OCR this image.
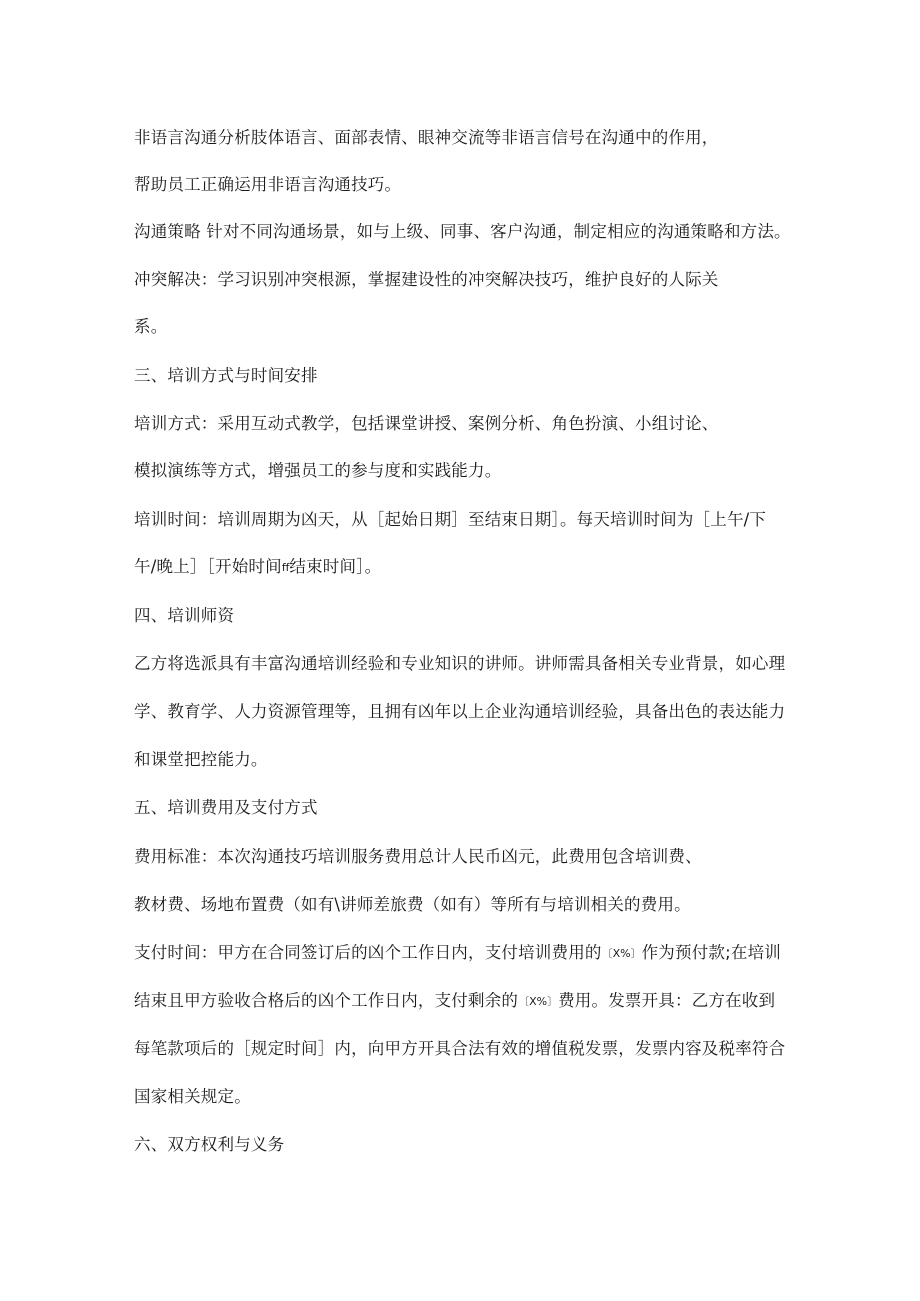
非语言沟通分析肢体语言、面部表情、眼神交流等非语言信号在沟通中的作用，
帮助员工正确运用非语言沟通技巧。
沟通策略 针对不同沟通场景，如与上级、同事、客户沟通，制定相应的沟通策略和方法。
冲突解决：学习识别冲突根源，掌握建设性的冲突解决技巧，维护良好的人际关
系。
三、培训方式与时间安排
培训方式：采用互动式教学，包括课堂讲授、案例分析、角色扮演、小组讨论、
模拟演练等方式，增强员工的参与度和实践能力。
培训时间：培训周期为凶天，从［起始日期］至结束日期］。每天培训时间为［上午/下
午/晚上］［开始时间ff结束时间］。
四、培训师资
乙方将选派具有丰富沟通培训经验和专业知识的讲师。讲师需具备相关专业背景，如心理
学、教育学、人力资源管理等，且拥有凶年以上企业沟通培训经验，具备出色的表达能力
和课堂把控能力。
五、培训费用及支付方式
费用标准：本次沟通技巧培训服务费用总计人民币凶元，此费用包含培训费、
教材费、场地布置费（如有\讲师差旅费（如有）等所有与培训相关的费用。
支付时间：甲方在合同签订后的凶个工作日内，支付培训费用的〔X%〕作为预付款;在培训
结束且甲方验收合格后的凶个工作日内，支付剩余的〔X%〕费用。发票开具：乙方在收到
每笔款项后的［规定时间］内，向甲方开具合法有效的增值税发票，发票内容及税率符合
国家相关规定。
六、双方权利与义务
